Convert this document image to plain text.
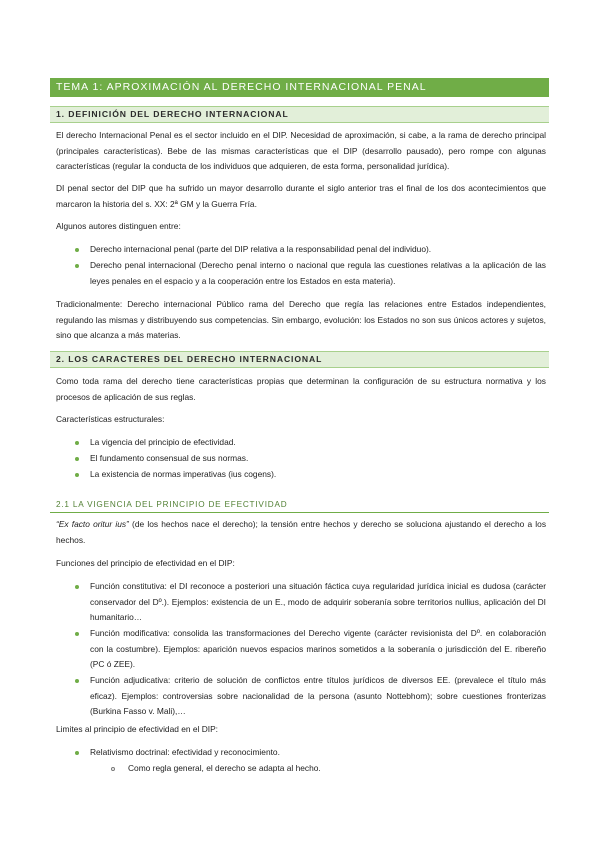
TEMA 1: APROXIMACIÓN AL DERECHO INTERNACIONAL PENAL
1. DEFINICIÓN DEL DERECHO INTERNACIONAL

El derecho Internacional Penal es el sector incluido en el DIP. Necesidad de aproximación, si cabe, a la rama de derecho principal (principales características). Bebe de las mismas características que el DIP (desarrollo pausado), pero rompe con algunas características (regular la conducta de los individuos que adquieren, de esta forma, personalidad jurídica).

DI penal sector del DIP que ha sufrido un mayor desarrollo durante el siglo anterior tras el final de los dos acontecimientos que marcaron la historia del s. XX: 2ª GM y la Guerra Fría.

Algunos autores distinguen entre:

Derecho internacional penal (parte del DIP relativa a la responsabilidad penal del individuo).

Derecho penal internacional (Derecho penal interno o nacional que regula las cuestiones relativas a la aplicación de las leyes penales en el espacio y a la cooperación entre los Estados en esta materia).

Tradicionalmente: Derecho internacional Público rama del Derecho que regía las relaciones entre Estados independientes, regulando las mismas y distribuyendo sus competencias. Sin embargo, evolución: los Estados no son sus únicos actores y sujetos, sino que alcanza a más materias.

2. LOS CARACTERES DEL DERECHO INTERNACIONAL

Como toda rama del derecho tiene características propias que determinan la configuración de su estructura normativa y los procesos de aplicación de sus reglas.

Características estructurales:

La vigencia del principio de efectividad.

El fundamento consensual de sus normas.

La existencia de normas imperativas (ius cogens).

2.1 LA VIGENCIA DEL PRINCIPIO DE EFECTIVIDAD

“Ex facto oritur ius” (de los hechos nace el derecho); la tensión entre hechos y derecho se soluciona ajustando el derecho a los hechos.

Funciones del principio de efectividad en el DIP:

Función constitutiva: el DI reconoce a posteriori una situación fáctica cuya regularidad jurídica inicial es dudosa (carácter conservador del Dº.). Ejemplos: existencia de un E., modo de adquirir soberanía sobre territorios nullius, aplicación del DI humanitario…

Función modificativa: consolida las transformaciones del Derecho vigente (carácter revisionista del Dº. en colaboración con la costumbre). Ejemplos: aparición nuevos espacios marinos sometidos a la soberanía o jurisdicción del E. ribereño (PC ó ZEE).

Función adjudicativa: criterio de solución de conflictos entre títulos jurídicos de diversos EE. (prevalece el título más eficaz). Ejemplos: controversias sobre nacionalidad de la persona (asunto Nottebhom); sobre cuestiones fronterizas (Burkina Fasso v. Mali),…

Limites al principio de efectividad en el DIP:

Relativismo doctrinal: efectividad y reconocimiento.

Como regla general, el derecho se adapta al hecho.
